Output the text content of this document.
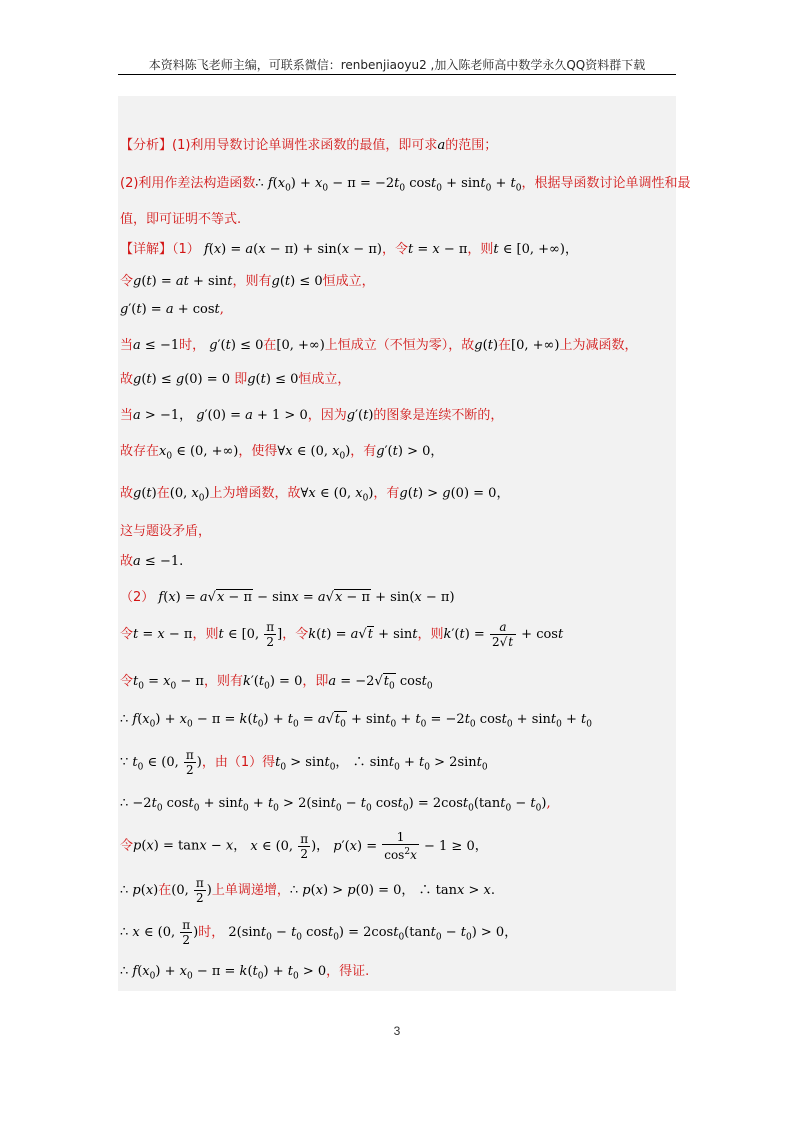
本资料陈飞老师主编，可联系微信：renbenjiaoyu2 ,加入陈老师高中数学永久QQ资料群下载
【分析】(1)利用导数讨论单调性求函数的最值，即可求a的范围；
(2)利用作差法构造函数∴ $f(x_0) + x_0 - \pi = -2t_0$ $\cos t_0 + \sin t_0 + t_0$，根据导函数讨论单调性和最
值，即可证明不等式.
【详解】（1） f(x) = a(x − π) + sin(x − π)，令t = x − π，则t ∈ [0, +∞)，
令g(t) = at + sint，则有g(t) ≤ 0恒成立，
g′(t) = a + cost,
当a ≤ −1时， g′(t) ≤ 0在[0, +∞)上恒成立（不恒为零），故g(t)在[0, +∞)上为减函数，
故g(t) ≤ g(0) = 0 即g(t) ≤ 0恒成立，
当a > −1， g′(0) = a + 1 > 0，因为g′(t)的图象是连续不断的，
故存在$x_0$ ∈ (0, +∞)，使得∀x ∈ (0, $x_0$)，有g′(t) > 0，
故g(t)在(0, $x_0$)上为增函数，故∀x ∈ (0, $x_0$)，有g(t) > g(0) = 0，
这与题设矛盾，
故a ≤ −1.
（2） f(x) = a√x − π − sinx = a√x − π + sin(x − π)
令t = x − π，则t ∈ [0, $\frac{\pi}{2}$ ]，令k(t) = a√t + sint，则$k'(t) = \frac{a}{2√t} + \cos t$
令$t_0 = x_0 - \pi$，则有$k'(t_0) = 0$，即$a = -2√t_0$ cost$_0$
∴ $f(x_0) + x_0 - \pi = k(t_0) + t_0 = a√t_0 + \sin t_0 + t_0 = -2t_0$ $\cos t_0 + \sin t_0 + t_0$
∵ $t_0$ ∈ (0, $\frac{\pi}{2}$ )，由（1）得$t_0 > \sin t_0$， ∴ $\sin t_0 + t_0 > 2\sin t_0$
∴ $-2t_0$ $\cos t_0 + \sin t_0 + t_0 > 2(\sin t_0 - t_0$ $\cos t_0) = 2\cos t_0(\tan t_0 - t_0)$,
令p(x) = tanx − x， x ∈ (0, $\frac{\pi}{2}$ )， $p'(x) = \frac{1}{\cos^2x} - 1 \ge 0$，
∴ p(x)在(0, $\frac{\pi}{2}$ )上单调递增，∴ p(x) > p(0) = 0， ∴ tanx > x.
∴ x ∈ (0, $\frac{\pi}{2}$ )时， $2(\sin t_0 - t_0$ $\cos t_0) = 2\cos t_0(\tan t_0 - t_0) > 0$，
∴ $f(x_0) + x_0 - \pi = k(t_0) + t_0 > 0$，得证.
3
